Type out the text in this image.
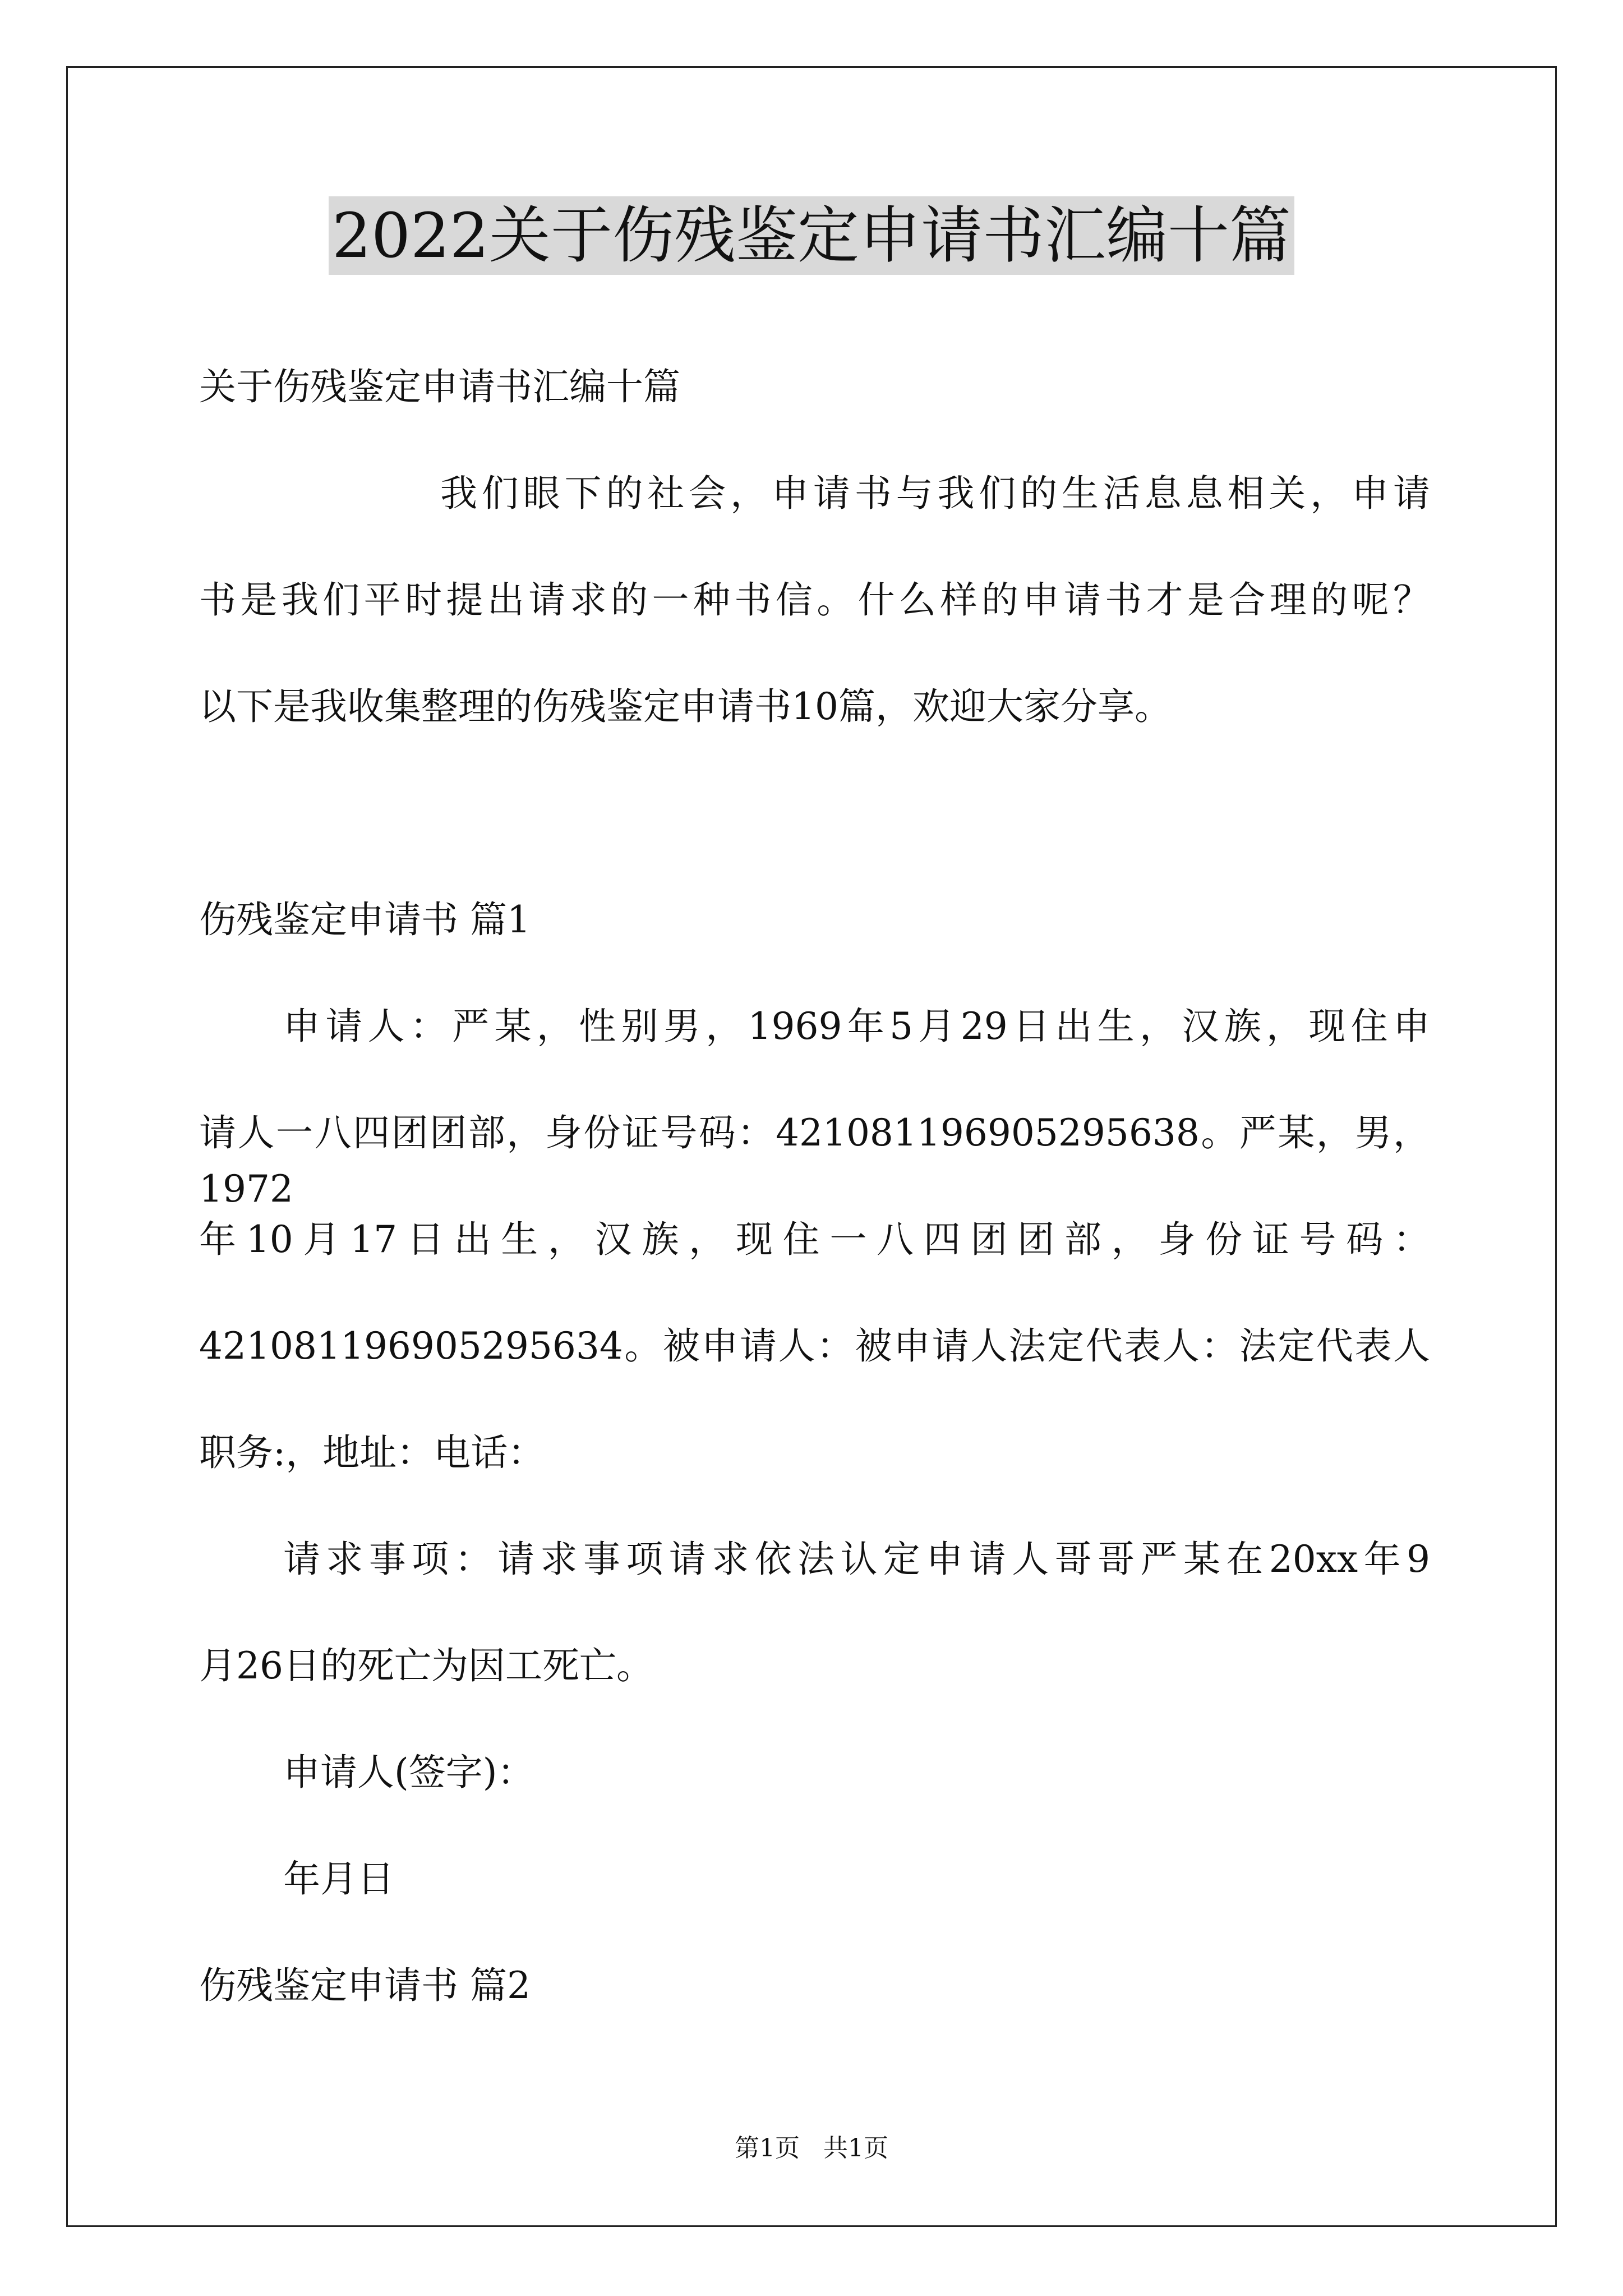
2022关于伤残鉴定申请书汇编十篇
关于伤残鉴定申请书汇编十篇
我们眼下的社会，申请书与我们的生活息息相关，申请
书是我们平时提出请求的一种书信。什么样的申请书才是合理的呢？
以下是我收集整理的伤残鉴定申请书10篇，欢迎大家分享。
伤残鉴定申请书 篇1
申请人：严某，性别男，1969年5月29日出生，汉族，现住申
请人一八四团团部，身份证号码：421081196905295638。严某，男，1972
年10月17日出生，汉族，现住一八四团团部，身份证号码：
421081196905295634。被申请人：被申请人法定代表人：法定代表人
职务:，地址：电话：
请求事项：请求事项请求依法认定申请人哥哥严某在20xx年9
月26日的死亡为因工死亡。
申请人(签字)：
年月日
伤残鉴定申请书 篇2
第1页 共1页
